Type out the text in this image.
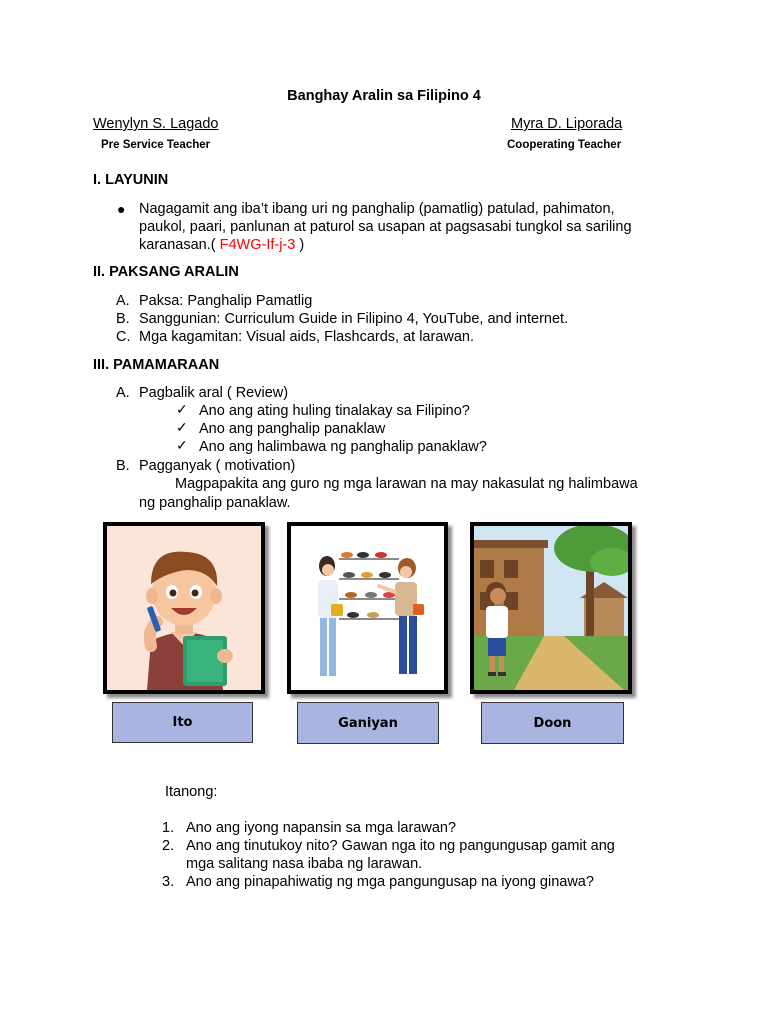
Banghay Aralin sa Filipino 4
Wenylyn S. Lagado
Pre Service Teacher
Myra D. Liporada
Cooperating Teacher
I. LAYUNIN
● Nagagamit ang iba’t ibang uri ng panghalip (pamatlig) patulad, pahimaton,
paukol, paari, panlunan at paturol sa usapan at pagsasabi tungkol sa sariling
karanasan.( F4WG-If-j-3 )
II. PAKSANG ARALIN
A. Paksa: Panghalip Pamatlig
B. Sanggunian: Curriculum Guide in Filipino 4, YouTube, and internet.
C. Mga kagamitan: Visual aids, Flashcards, at larawan.
III. PAMAMARAAN
A. Pagbalik aral ( Review)
✓ Ano ang ating huling tinalakay sa Filipino?
✓ Ano ang panghalip panaklaw
✓ Ano ang halimbawa ng panghalip panaklaw?
B. Pagganyak ( motivation)
Magpapakita ang guro ng mga larawan na may nakasulat ng halimbawa
ng panghalip panaklaw.
Ito	Ganiyan	Doon
Itanong:
1. Ano ang iyong napansin sa mga larawan?
2. Ano ang tinutukoy nito? Gawan nga ito ng pangungusap gamit ang
mga salitang nasa ibaba ng larawan.
3. Ano ang pinapahiwatig ng mga pangungusap na iyong ginawa?
